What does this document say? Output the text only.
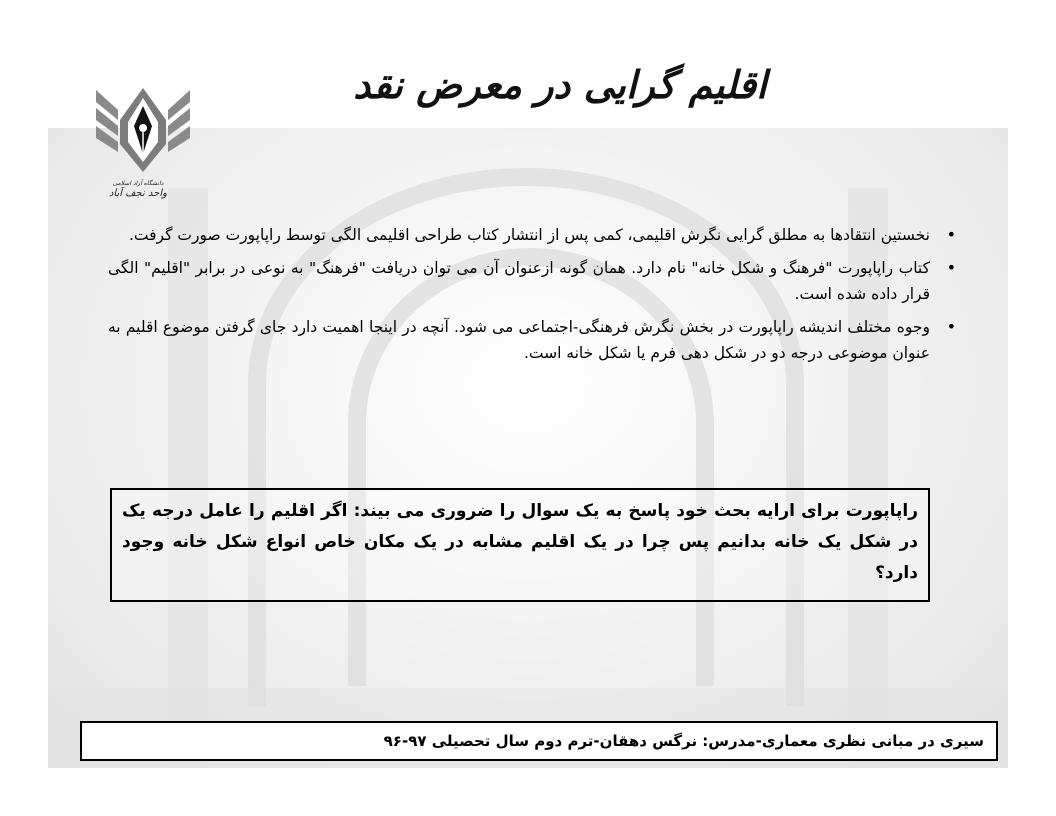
دانشگاه آزاد اسلامی
واحد نجف آباد
اقلیم گرایی در معرض نقد
•
نخستین انتقادها به مطلق گرایی نگرش اقلیمی، کمی پس از انتشار کتاب طراحی اقلیمی الگی توسط راپاپورت صورت گرفت.
•
کتاب راپاپورت "فرهنگ و شکل خانه" نام دارد. همان گونه ازعنوان آن می توان دریافت "فرهنگ" به نوعی در برابر "اقلیم" الگی قرار داده شده است.
•
وجوه مختلف اندیشه راپاپورت در بخش نگرش فرهنگی-اجتماعی می شود. آنچه در اینجا اهمیت دارد جای گرفتن موضوع اقلیم به عنوان موضوعی درجه دو در شکل دهی فرم یا شکل خانه است.
راپاپورت برای ارایه بحث خود پاسخ به یک سوال را ضروری می بیند: اگر اقلیم را عامل درجه یک در شکل یک خانه بدانیم پس چرا در یک اقلیم مشابه در یک مکان خاص انواع شکل خانه وجود دارد؟
سیری در مبانی نظری معماری-مدرس: نرگس دهقان-ترم دوم سال تحصیلی ۹۷-۹۶
